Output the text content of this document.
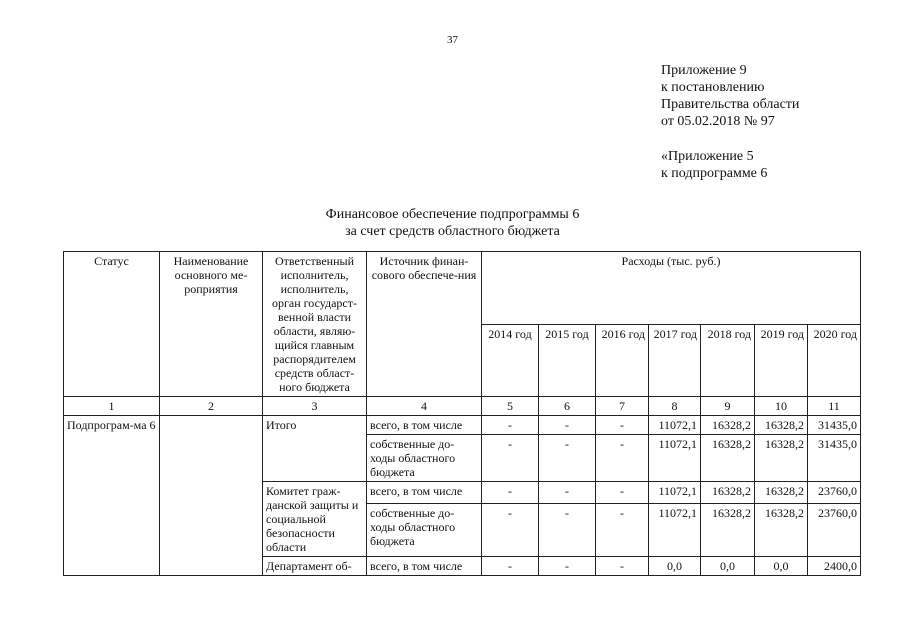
37
Приложение 9
к постановлению
Правительства области
от 05.02.2018 № 97
«Приложение 5
к подпрограмме 6
Финансовое обеспечение подпрограммы 6
за счет средств областного бюджета
Статус	Наименование основного ме-роприятия	Ответственный исполнитель, исполнитель, орган государст-венной власти области, являю-щийся главным распорядителем средств област-ного бюджета	Источник финан-сового обеспече-ния	Расходы (тыс. руб.)						
				2014 год	2015 год	2016 год	2017 год	2018 год	2019 год	2020 год
1	2	3	4	5	6	7	8	9	10	11
Подпрограм-ма 6		Итого	всего, в том числе	-	-	-	11072,1	16328,2	16328,2	31435,0
			собственные до-ходы областного бюджета	-	-	-	11072,1	16328,2	16328,2	31435,0
		Комитет граж-данской защиты и социальной безопасности области	всего, в том числе	-	-	-	11072,1	16328,2	16328,2	23760,0
			собственные до-ходы областного бюджета	-	-	-	11072,1	16328,2	16328,2	23760,0
		Департамент об-	всего, в том числе	-	-	-	0,0	0,0	0,0	2400,0
